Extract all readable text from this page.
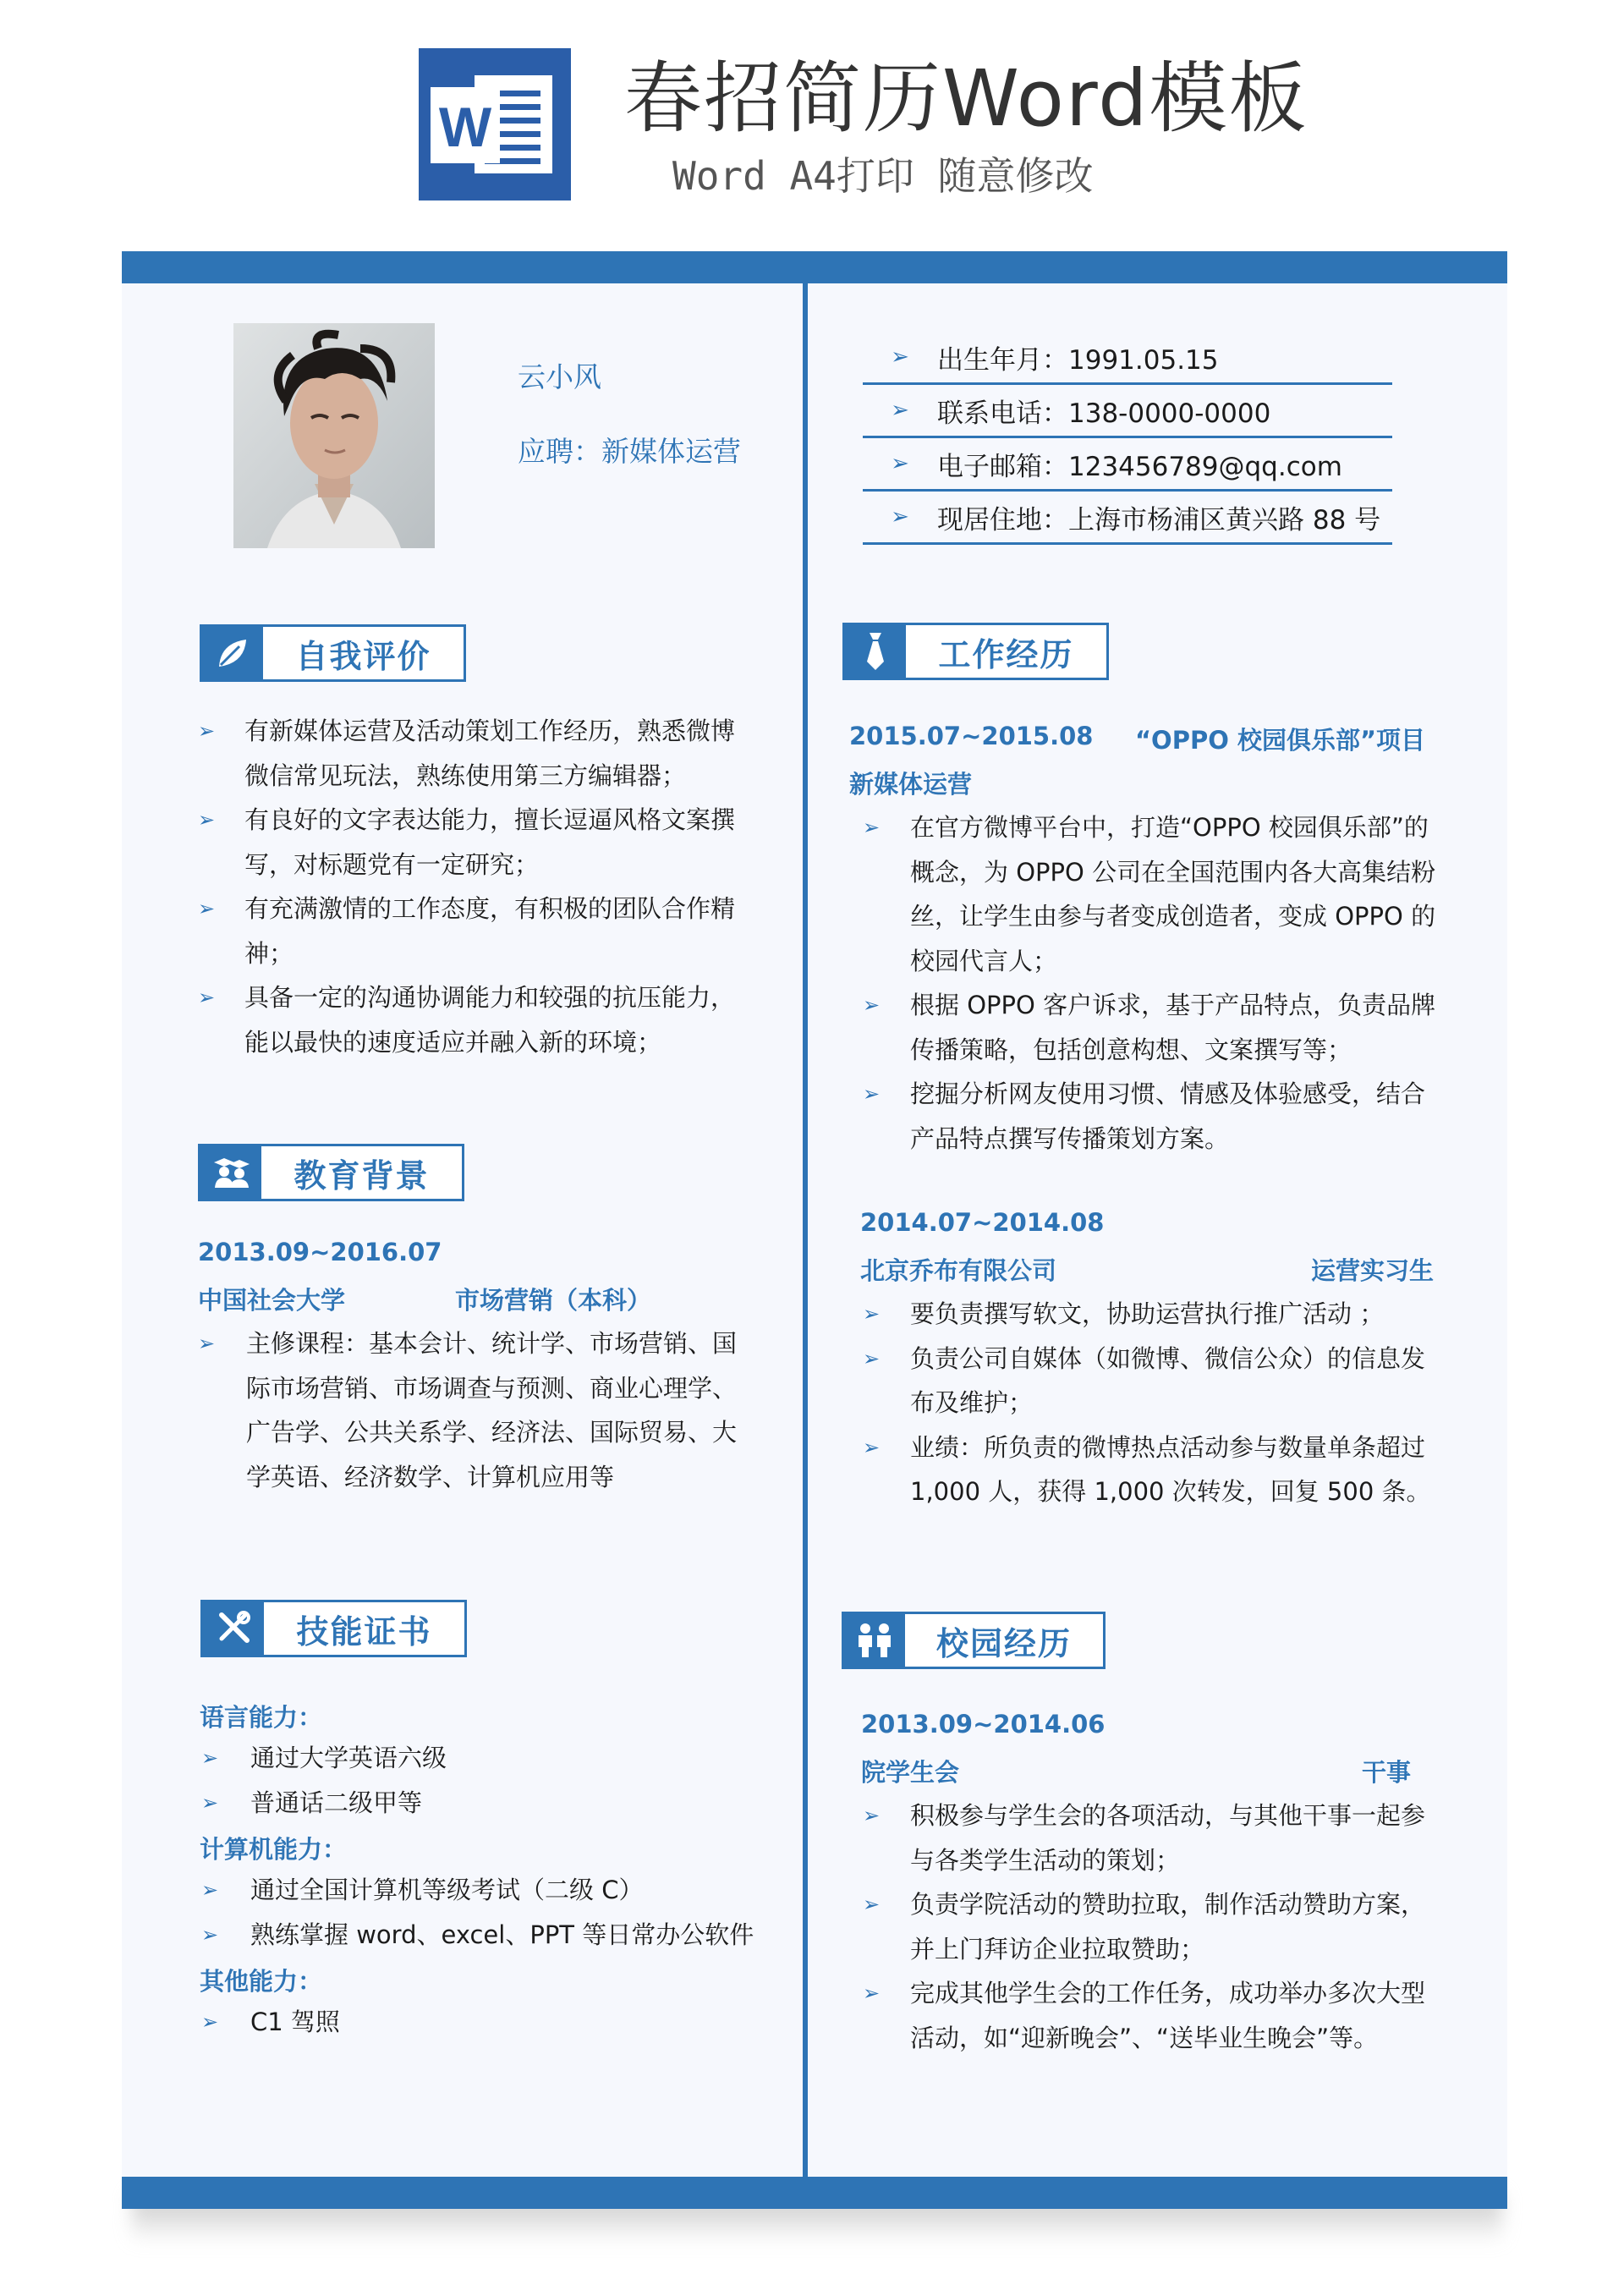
W 春招简历Word模板
Word A4打印 随意修改
云小风
应聘：新媒体运营
➢	出生年月：1991.05.15
➢	联系电话：138-0000-0000
➢	电子邮箱：123456789@qq.com
➢	现居住地：上海市杨浦区黄兴路 88 号
自我评价
➢ 有新媒体运营及活动策划工作经历，熟悉微博微信常见玩法，熟练使用第三方编辑器；
➢ 有良好的文字表达能力，擅长逗逼风格文案撰写，对标题党有一定研究；
➢ 有充满激情的工作态度，有积极的团队合作精神；
➢ 具备一定的沟通协调能力和较强的抗压能力，能以最快的速度适应并融入新的环境；
教育背景
2013.09~2016.07
中国社会大学	市场营销（本科）
➢ 主修课程：基本会计、统计学、市场营销、国际市场营销、市场调查与预测、商业心理学、广告学、公共关系学、经济法、国际贸易、大学英语、经济数学、计算机应用等
技能证书
语言能力：
➢ 通过大学英语六级
➢ 普通话二级甲等
计算机能力：
➢ 通过全国计算机等级考试（二级 C）
➢ 熟练掌握 word、excel、PPT 等日常办公软件
其他能力：
➢ C1 驾照
工作经历
2015.07~2015.08 “OPPO 校园俱乐部”项目
新媒体运营
➢ 在官方微博平台中，打造“OPPO 校园俱乐部”的概念，为 OPPO 公司在全国范围内各大高集结粉丝，让学生由参与者变成创造者，变成 OPPO 的校园代言人；
➢ 根据 OPPO 客户诉求，基于产品特点，负责品牌传播策略，包括创意构想、文案撰写等；
➢ 挖掘分析网友使用习惯、情感及体验感受，结合产品特点撰写传播策划方案。
2014.07~2014.08
北京乔布有限公司	运营实习生
➢ 要负责撰写软文，协助运营执行推广活动 ；
➢ 负责公司自媒体（如微博、微信公众）的信息发布及维护；
➢ 业绩：所负责的微博热点活动参与数量单条超过 1,000 人，获得 1,000 次转发，回复 500 条。
校园经历
2013.09~2014.06
院学生会	干事
➢ 积极参与学生会的各项活动，与其他干事一起参与各类学生活动的策划；
➢ 负责学院活动的赞助拉取，制作活动赞助方案，并上门拜访企业拉取赞助；
➢ 完成其他学生会的工作任务，成功举办多次大型活动，如“迎新晚会”、“送毕业生晚会”等。
